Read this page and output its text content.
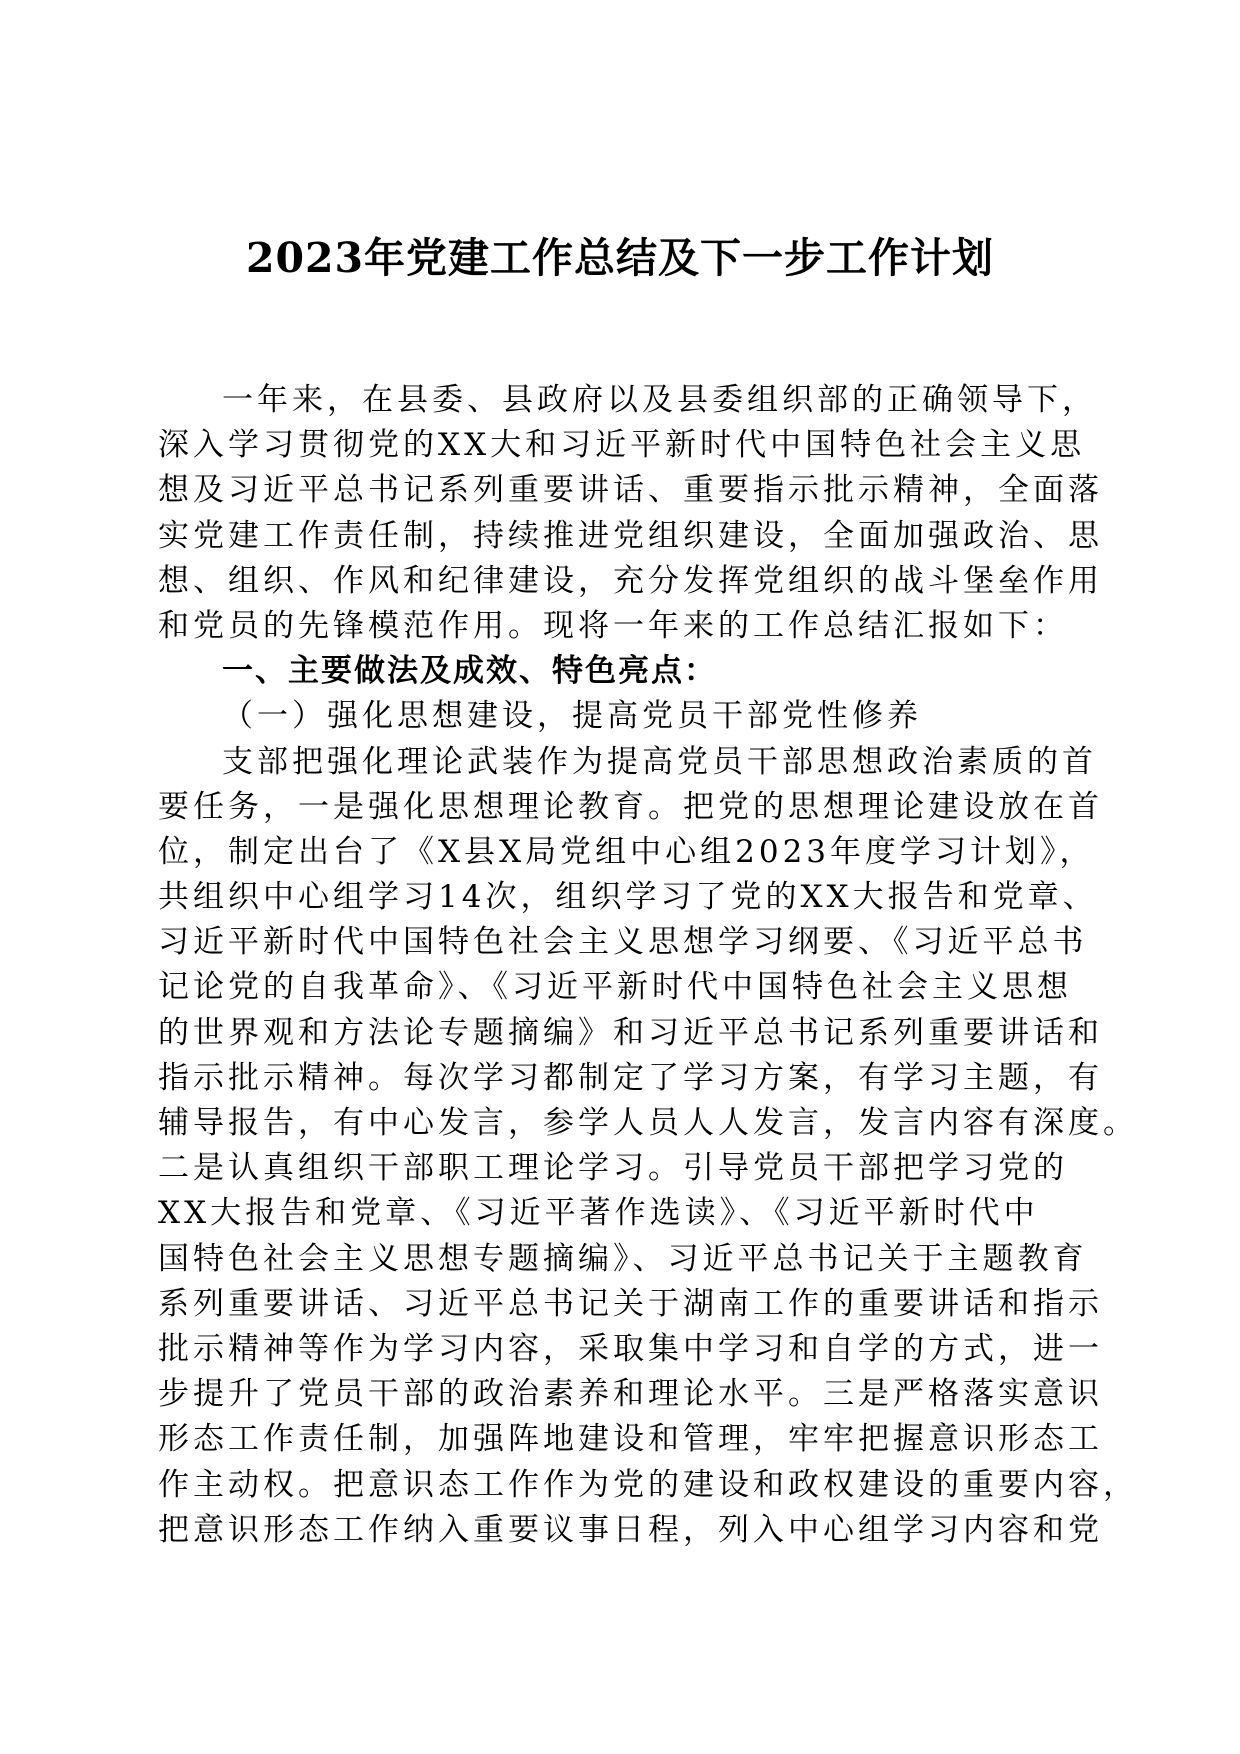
2023年党建工作总结及下一步工作计划
一年来，在县委、县政府以及县委组织部的正确领导下，
深入学习贯彻党的XX大和习近平新时代中国特色社会主义思
想及习近平总书记系列重要讲话、重要指示批示精神，全面落
实党建工作责任制，持续推进党组织建设，全面加强政治、思
想、组织、作风和纪律建设，充分发挥党组织的战斗堡垒作用
和党员的先锋模范作用。现将一年来的工作总结汇报如下：
一、主要做法及成效、特色亮点：
（一）强化思想建设，提高党员干部党性修养
支部把强化理论武装作为提高党员干部思想政治素质的首
要任务，一是强化思想理论教育。把党的思想理论建设放在首
位，制定出台了《X县X局党组中心组2023年度学习计划》，
共组织中心组学习14次，组织学习了党的XX大报告和党章、
习近平新时代中国特色社会主义思想学习纲要、《习近平总书
记论党的自我革命》、《习近平新时代中国特色社会主义思想
的世界观和方法论专题摘编》和习近平总书记系列重要讲话和
指示批示精神。每次学习都制定了学习方案，有学习主题，有
辅导报告，有中心发言，参学人员人人发言，发言内容有深度。
二是认真组织干部职工理论学习。引导党员干部把学习党的
XX大报告和党章、《习近平著作选读》、《习近平新时代中
国特色社会主义思想专题摘编》、习近平总书记关于主题教育
系列重要讲话、习近平总书记关于湖南工作的重要讲话和指示
批示精神等作为学习内容，采取集中学习和自学的方式，进一
步提升了党员干部的政治素养和理论水平。三是严格落实意识
形态工作责任制，加强阵地建设和管理，牢牢把握意识形态工
作主动权。把意识态工作作为党的建设和政权建设的重要内容，
把意识形态工作纳入重要议事日程，列入中心组学习内容和党
